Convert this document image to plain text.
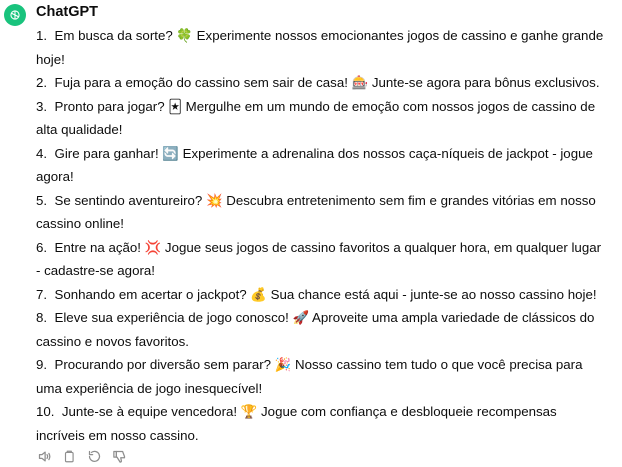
ChatGPT
1. Em busca da sorte? 🍀 Experimente nossos emocionantes jogos de cassino e ganhe grande hoje!
2. Fuja para a emoção do cassino sem sair de casa! 🎰 Junte-se agora para bônus exclusivos.
3. Pronto para jogar? 🃏 Mergulhe em um mundo de emoção com nossos jogos de cassino de alta qualidade!
4. Gire para ganhar! 🔄 Experimente a adrenalina dos nossos caça-níqueis de jackpot - jogue agora!
5. Se sentindo aventureiro? 💥 Descubra entretenimento sem fim e grandes vitórias em nosso cassino online!
6. Entre na ação! 💢 Jogue seus jogos de cassino favoritos a qualquer hora, em qualquer lugar - cadastre-se agora!
7. Sonhando em acertar o jackpot? 💰 Sua chance está aqui - junte-se ao nosso cassino hoje!
8. Eleve sua experiência de jogo conosco! 🚀 Aproveite uma ampla variedade de clássicos do cassino e novos favoritos.
9. Procurando por diversão sem parar? 🎉 Nosso cassino tem tudo o que você precisa para uma experiência de jogo inesquecível!
10. Junte-se à equipe vencedora! 🏆 Jogue com confiança e desbloqueie recompensas incríveis em nosso cassino.
